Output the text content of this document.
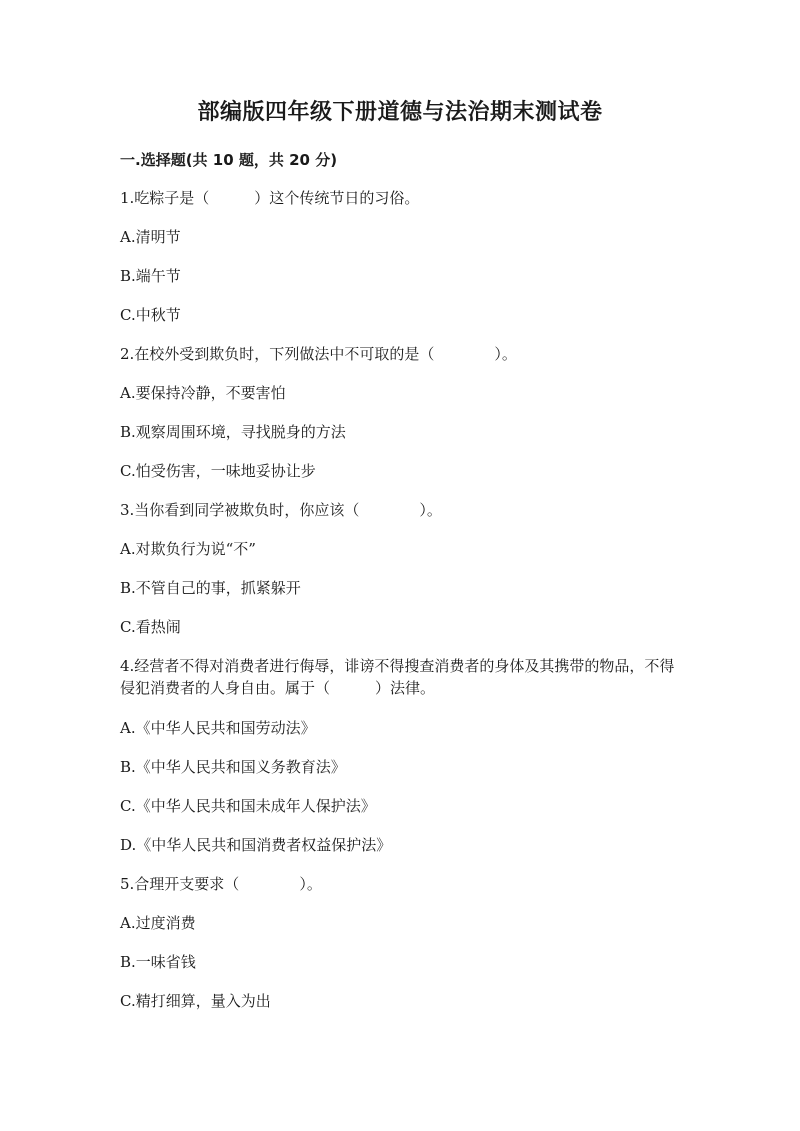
部编版四年级下册道德与法治期末测试卷
一.选择题(共 10 题，共 20 分)

1.吃粽子是（　　　）这个传统节日的习俗。

A.清明节

B.端午节

C.中秋节

2.在校外受到欺负时，下列做法中不可取的是（　　　　）。

A.要保持冷静，不要害怕

B.观察周围环境，寻找脱身的方法

C.怕受伤害，一味地妥协让步

3.当你看到同学被欺负时，你应该（　　　　）。

A.对欺负行为说“不”

B.不管自己的事，抓紧躲开

C.看热闹

4.经营者不得对消费者进行侮辱，诽谤不得搜查消费者的身体及其携带的物品，不得侵犯消费者的人身自由。属于（　　　）法律。

A.《中华人民共和国劳动法》

B.《中华人民共和国义务教育法》

C.《中华人民共和国未成年人保护法》

D.《中华人民共和国消费者权益保护法》

5.合理开支要求（　　　　）。

A.过度消费

B.一味省钱

C.精打细算，量入为出
